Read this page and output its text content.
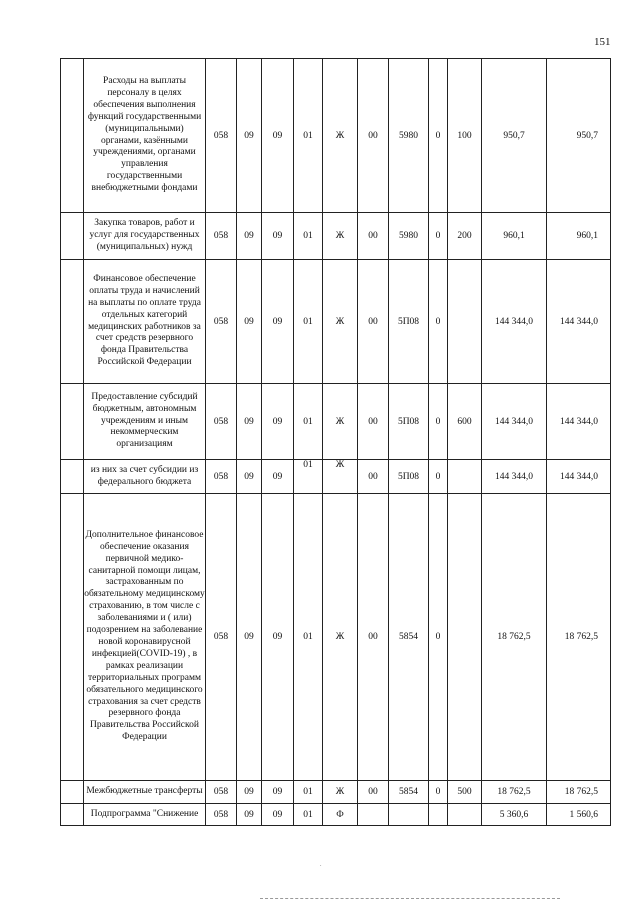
151
	Расходы на выплаты персоналу в целях обеспечения выполнения функций государственными (муниципальными) органами, казёнными учреждениями, органами управления государственными внебюджетными фондами	058	09	09	01	Ж	00	5980	0	100	950,7	950,7
	Закупка товаров, работ и услуг для государственных (муниципальных) нужд	058	09	09	01	Ж	00	5980	0	200	960,1	960,1
	Финансовое обеспечение оплаты труда и начислений на выплаты по оплате труда отдельных категорий медицинских работников за счет средств резервного фонда Правительства Российской Федерации	058	09	09	01	Ж	00	5П08	0		144 344,0	144 344,0
	Предоставление субсидий бюджетным, автономным учреждениям и иным некоммерческим организациям	058	09	09	01	Ж	00	5П08	0	600	144 344,0	144 344,0
	из них за счет субсидии из федерального бюджета	058	09	09	01	Ж	00	5П08	0		144 344,0	144 344,0
	Дополнительное финансовое обеспечение оказания первичной медико-санитарной помощи лицам, застрахованным по обязательному медицинскому страхованию, в том числе с заболеваниями и ( или) подозрением на заболевание новой коронавирусной инфекцией(COVID-19) , в рамках реализации территориальных программ обязательного медицинского страхования за счет средств резервного фонда Правительства Российской Федерации	058	09	09	01	Ж	00	5854	0		18 762,5	18 762,5
	Межбюджетные трансферты	058	09	09	01	Ж	00	5854	0	500	18 762,5	18 762,5
	Подпрограмма "Снижение	058	09	09	01	Ф					5 360,6	1 560,6
.
